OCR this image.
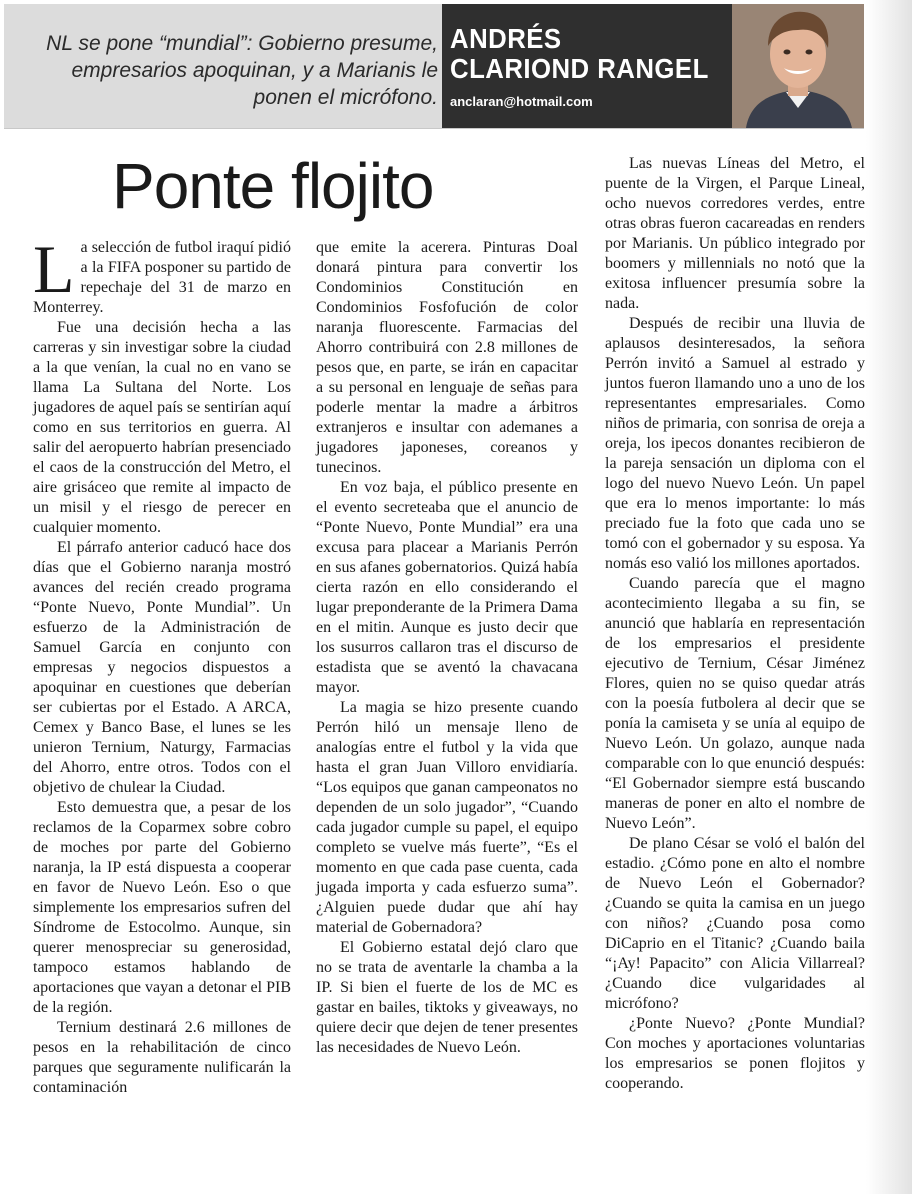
NL se pone “mundial”: Gobierno presume, empresarios apoquinan, y a Marianis le ponen el micrófono.
ANDRÉS
CLARIOND RANGEL
anclaran@hotmail.com
Ponte flojito

La selección de futbol iraquí pidió a la FIFA posponer su partido de repechaje del 31 de marzo en Monterrey.

Fue una decisión hecha a las carreras y sin investigar sobre la ciudad a la que venían, la cual no en vano se llama La Sultana del Norte. Los jugadores de aquel país se sentirían aquí como en sus territorios en guerra. Al salir del aeropuerto habrían presenciado el caos de la construcción del Metro, el aire grisáceo que remite al impacto de un misil y el riesgo de perecer en cualquier momento.

El párrafo anterior caducó hace dos días que el Gobierno naranja mostró avances del recién creado programa “Ponte Nuevo, Ponte Mundial”. Un esfuerzo de la Administración de Samuel García en conjunto con empresas y negocios dispuestos a apoquinar en cuestiones que deberían ser cubiertas por el Estado. A ARCA, Cemex y Banco Base, el lunes se les unieron Ternium, Naturgy, Farmacias del Ahorro, entre otros. Todos con el objetivo de chulear la Ciudad.

Esto demuestra que, a pesar de los reclamos de la Coparmex sobre cobro de moches por parte del Gobierno naranja, la IP está dispuesta a cooperar en favor de Nuevo León. Eso o que simplemente los empresarios sufren del Síndrome de Estocolmo. Aunque, sin querer menospreciar su generosidad, tampoco estamos hablando de aportaciones que vayan a detonar el PIB de la región.

Ternium destinará 2.6 millones de pesos en la rehabilitación de cinco parques que seguramente nulificarán la contaminación

que emite la acerera. Pinturas Doal donará pintura para convertir los Condominios Constitución en Condominios Fosfofución de color naranja fluorescente. Farmacias del Ahorro contribuirá con 2.8 millones de pesos que, en parte, se irán en capacitar a su personal en lenguaje de señas para poderle mentar la madre a árbitros extranjeros e insultar con ademanes a jugadores japoneses, coreanos y tunecinos.

En voz baja, el público presente en el evento secreteaba que el anuncio de “Ponte Nuevo, Ponte Mundial” era una excusa para placear a Marianis Perrón en sus afanes gobernatorios. Quizá había cierta razón en ello considerando el lugar preponderante de la Primera Dama en el mitin. Aunque es justo decir que los susurros callaron tras el discurso de estadista que se aventó la chavacana mayor.

La magia se hizo presente cuando Perrón hiló un mensaje lleno de analogías entre el futbol y la vida que hasta el gran Juan Villoro envidiaría. “Los equipos que ganan campeonatos no dependen de un solo jugador”, “Cuando cada jugador cumple su papel, el equipo completo se vuelve más fuerte”, “Es el momento en que cada pase cuenta, cada jugada importa y cada esfuerzo suma”. ¿Alguien puede dudar que ahí hay material de Gobernadora?

El Gobierno estatal dejó claro que no se trata de aventarle la chamba a la IP. Si bien el fuerte de los de MC es gastar en bailes, tiktoks y giveaways, no quiere decir que dejen de tener presentes las necesidades de Nuevo León.

Las nuevas Líneas del Metro, el puente de la Virgen, el Parque Lineal, ocho nuevos corredores verdes, entre otras obras fueron cacareadas en renders por Marianis. Un público integrado por boomers y millennials no notó que la exitosa influencer presumía sobre la nada.

Después de recibir una lluvia de aplausos desinteresados, la señora Perrón invitó a Samuel al estrado y juntos fueron llamando uno a uno de los representantes empresariales. Como niños de primaria, con sonrisa de oreja a oreja, los ipecos donantes recibieron de la pareja sensación un diploma con el logo del nuevo Nuevo León. Un papel que era lo menos importante: lo más preciado fue la foto que cada uno se tomó con el gobernador y su esposa. Ya nomás eso valió los millones aportados.

Cuando parecía que el magno acontecimiento llegaba a su fin, se anunció que hablaría en representación de los empresarios el presidente ejecutivo de Ternium, César Jiménez Flores, quien no se quiso quedar atrás con la poesía futbolera al decir que se ponía la camiseta y se unía al equipo de Nuevo León. Un golazo, aunque nada comparable con lo que enunció después: “El Gobernador siempre está buscando maneras de poner en alto el nombre de Nuevo León”.

De plano César se voló el balón del estadio. ¿Cómo pone en alto el nombre de Nuevo León el Gobernador? ¿Cuando se quita la camisa en un juego con niños? ¿Cuando posa como DiCaprio en el Titanic? ¿Cuando baila “¡Ay! Papacito” con Alicia Villarreal? ¿Cuando dice vulgaridades al micrófono?

¿Ponte Nuevo? ¿Ponte Mundial? Con moches y aportaciones voluntarias los empresarios se ponen flojitos y cooperando.
